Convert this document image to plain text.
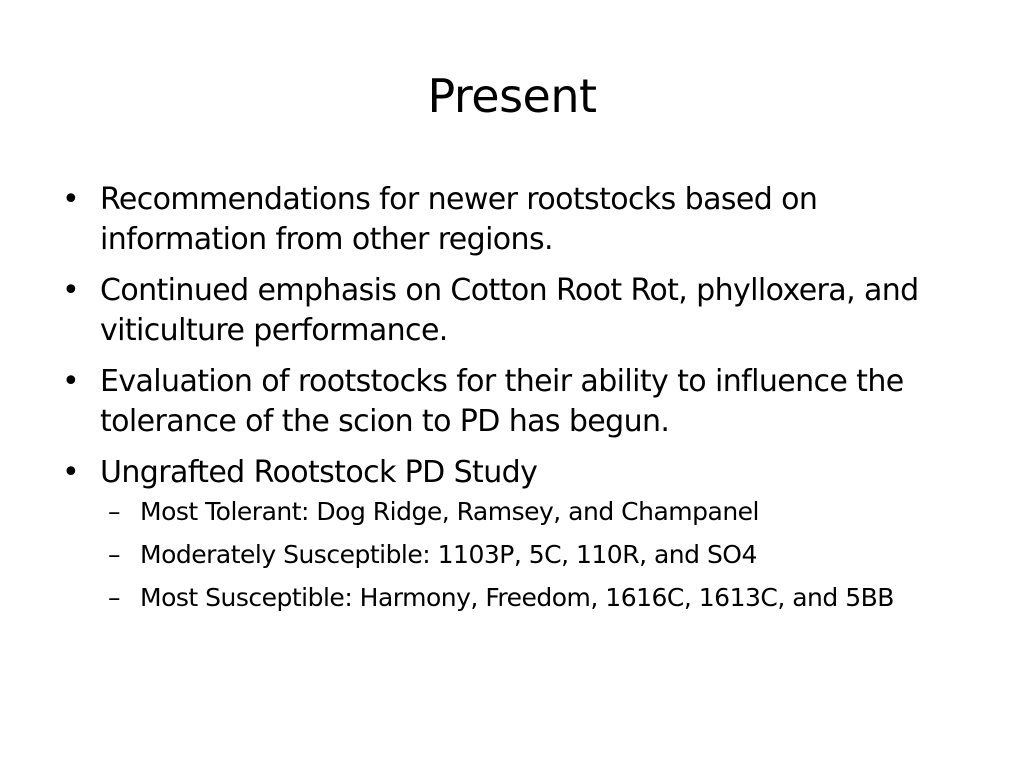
Present
• Recommendations for newer rootstocks based on information from other regions.
• Continued emphasis on Cotton Root Rot, phylloxera, and viticulture performance.
• Evaluation of rootstocks for their ability to influence the tolerance of the scion to PD has begun.
• Ungrafted Rootstock PD Study
– Most Tolerant: Dog Ridge, Ramsey, and Champanel
– Moderately Susceptible: 1103P, 5C, 110R, and SO4
– Most Susceptible: Harmony, Freedom, 1616C, 1613C, and 5BB
